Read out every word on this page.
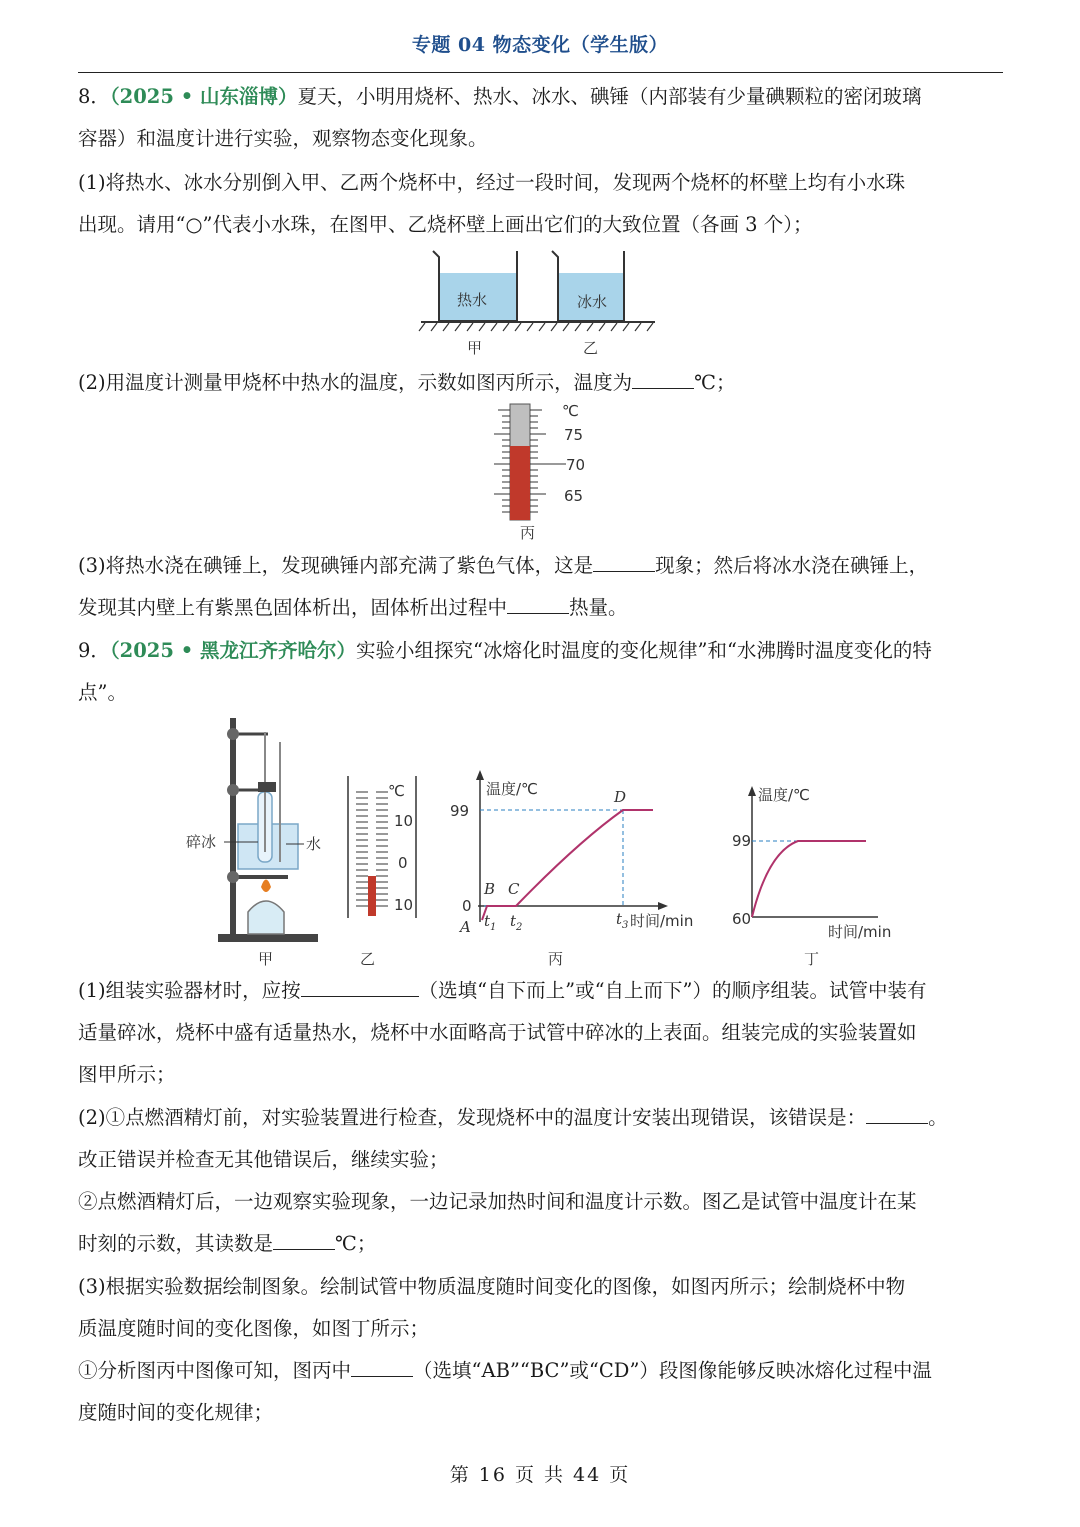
专题 04 物态变化（学生版）
8．（2025 • 山东淄博）夏天，小明用烧杯、热水、冰水、碘锤（内部装有少量碘颗粒的密闭玻璃
容器）和温度计进行实验，观察物态变化现象。
(1)将热水、冰水分别倒入甲、乙两个烧杯中，经过一段时间，发现两个烧杯的杯壁上均有小水珠
出现。请用“○”代表小水珠，在图甲、乙烧杯壁上画出它们的大致位置（各画 3 个）；
热水	冰水
甲	乙
(2)用温度计测量甲烧杯中热水的温度，示数如图丙所示，温度为	℃；
℃
75
70
65
丙
(3)将热水浇在碘锤上，发现碘锤内部充满了紫色气体，这是	现象；然后将冰水浇在碘锤上，
发现其内壁上有紫黑色固体析出，固体析出过程中	热量。
9．（2025 • 黑龙江齐齐哈尔）实验小组探究“冰熔化时温度的变化规律”和“水沸腾时温度变化的特
点”。
碎冰	水
甲
℃
10
0
10
乙
温度/℃
99
0
A
B C
D
$t_1$ $t_2$	$t_3$ 时间/min
丙
温度/℃
99
60
时间/min
丁
(1)组装实验器材时，应按	（选填“自下而上”或“自上而下”）的顺序组装。试管中装有
适量碎冰，烧杯中盛有适量热水，烧杯中水面略高于试管中碎冰的上表面。组装完成的实验装置如
图甲所示；
(2)①点燃酒精灯前，对实验装置进行检查，发现烧杯中的温度计安装出现错误，该错误是：	。
改正错误并检查无其他错误后，继续实验；
②点燃酒精灯后，一边观察实验现象，一边记录加热时间和温度计示数。图乙是试管中温度计在某
时刻的示数，其读数是	℃；
(3)根据实验数据绘制图象。绘制试管中物质温度随时间变化的图像，如图丙所示；绘制烧杯中物
质温度随时间的变化图像，如图丁所示；
①分析图丙中图像可知，图丙中	（选填“AB”“BC”或“CD”）段图像能够反映冰熔化过程中温
度随时间的变化规律；
第 16 页 共 44 页
